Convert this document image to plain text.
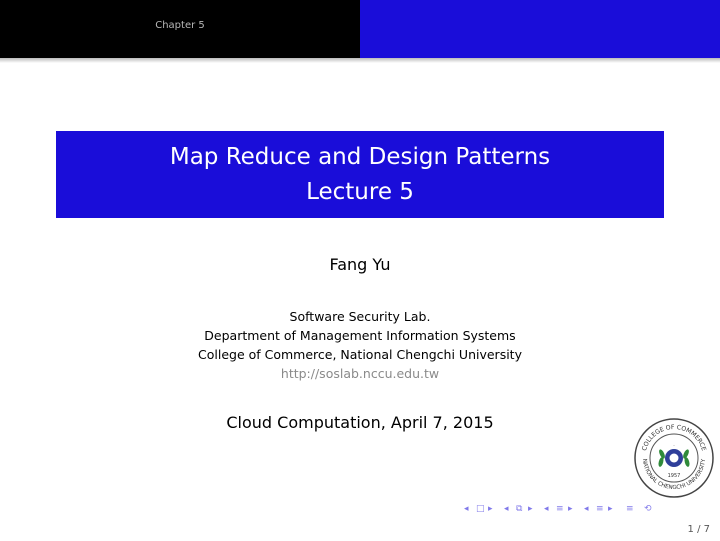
Chapter 5
Map Reduce and Design Patterns
Lecture 5
Fang Yu
Software Security Lab.
Department of Management Information Systems
College of Commerce, National Chengchi University
http://soslab.nccu.edu.tw
Cloud Computation, April 7, 2015
COLLEGE OF COMMERCE
NATIONAL CHENGCHI UNIVERSITY
·
1957
◂ □ ▸ ◂ ⧉ ▸ ◂ ≡ ▸ ◂ ≡ ▸ ≡ ⟲
1 / 7
